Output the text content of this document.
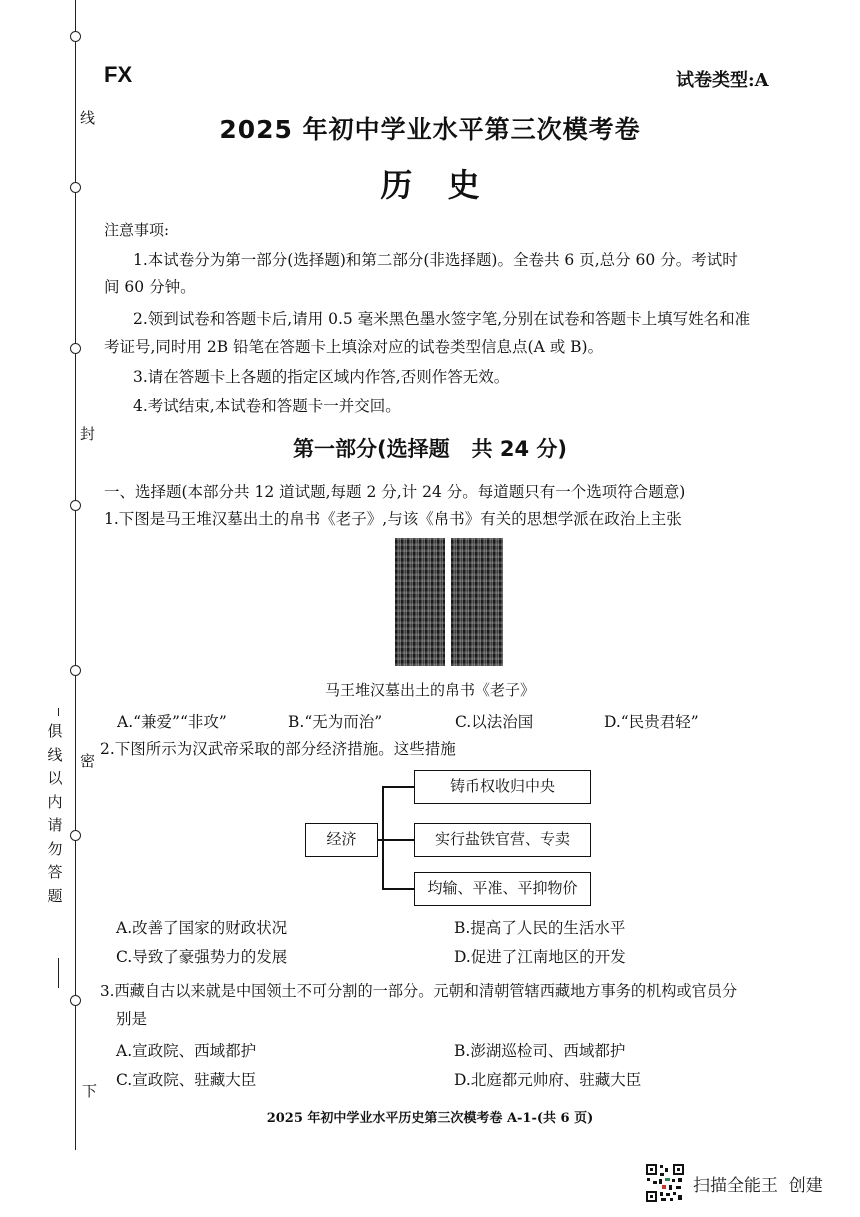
线
封
密
下
俱线以内请勿答题
FX	试卷类型:A
2025 年初中学业水平第三次模考卷
历 史
注意事项:
1.本试卷分为第一部分(选择题)和第二部分(非选择题)。全卷共 6 页,总分 60 分。考试时
间 60 分钟。
2.领到试卷和答题卡后,请用 0.5 毫米黑色墨水签字笔,分别在试卷和答题卡上填写姓名和准
考证号,同时用 2B 铅笔在答题卡上填涂对应的试卷类型信息点(A 或 B)。
3.请在答题卡上各题的指定区域内作答,否则作答无效。
4.考试结束,本试卷和答题卡一并交回。
第一部分(选择题   共 24 分)
一、选择题(本部分共 12 道试题,每题 2 分,计 24 分。每道题只有一个选项符合题意)
1.下图是马王堆汉墓出土的帛书《老子》,与该《帛书》有关的思想学派在政治上主张
马王堆汉墓出土的帛书《老子》
A.“兼爱”“非攻”	B.“无为而治”	C.以法治国	D.“民贵君轻”
2.下图所示为汉武帝采取的部分经济措施。这些措施
经济
铸币权收归中央
实行盐铁官营、专卖
均输、平准、平抑物价
A.改善了国家的财政状况	B.提高了人民的生活水平
C.导致了豪强势力的发展	D.促进了江南地区的开发
3.西藏自古以来就是中国领土不可分割的一部分。元朝和清朝管辖西藏地方事务的机构或官员分
别是
A.宣政院、西域都护	B.澎湖巡检司、西域都护
C.宣政院、驻藏大臣	D.北庭都元帅府、驻藏大臣
2025 年初中学业水平历史第三次模考卷 A-1-(共 6 页)
扫描全能王  创建
